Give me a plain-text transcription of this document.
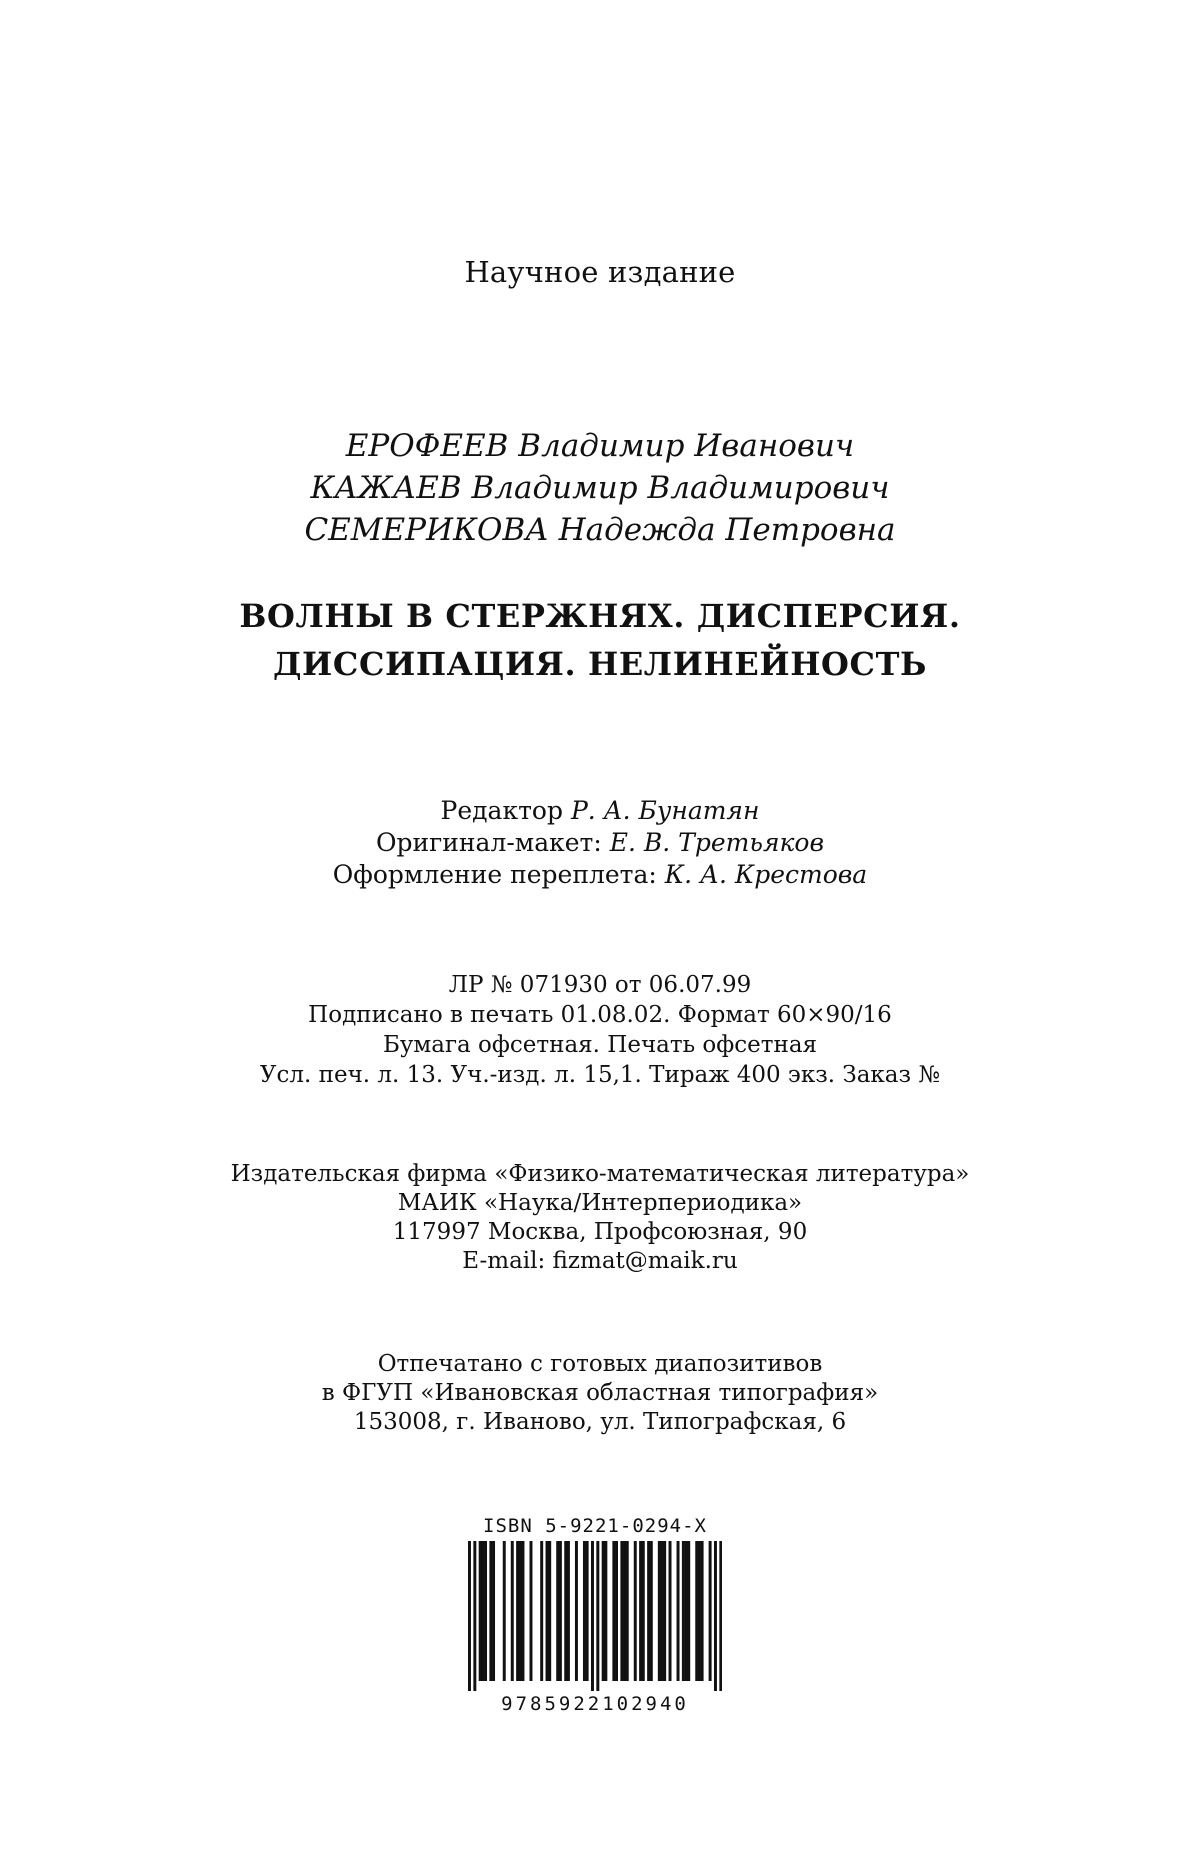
Научное издание
ЕРОФЕЕВ Владимир Иванович
КАЖАЕВ Владимир Владимирович
СЕМЕРИКОВА Надежда Петровна
ВОЛНЫ В СТЕРЖНЯХ. ДИСПЕРСИЯ.
ДИССИПАЦИЯ. НЕЛИНЕЙНОСТЬ
Редактор Р. А. Бунатян
Оригинал-макет: Е. В. Третьяков
Оформление переплета: К. А. Крестова
ЛР № 071930 от 06.07.99
Подписано в печать 01.08.02. Формат 60×90/16
Бумага офсетная. Печать офсетная
Усл. печ. л. 13. Уч.-изд. л. 15,1. Тираж 400 экз. Заказ №
Издательская фирма «Физико-математическая литература»
МАИК «Наука/Интерпериодика»
117997 Москва, Профсоюзная, 90
E-mail: fizmat@maik.ru
Отпечатано с готовых диапозитивов
в ФГУП «Ивановская областная типография»
153008, г. Иваново, ул. Типографская, 6
ISBN 5-9221-0294-X
9785922102940
